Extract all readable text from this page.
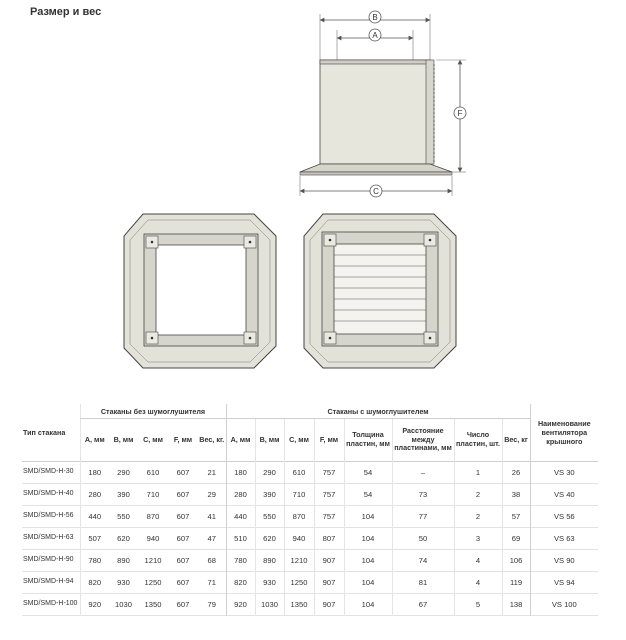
Размер и вес	B
A
F
C
Тип стакана	Стаканы без шумоглушителя					Стаканы с шумоглушителем								Наименование вентилятора крышного
	A, мм	B, мм	C, мм	F, мм	Вес, кг.	A, мм	B, мм	C, мм	F, мм	Толщина пластин, мм	Расстояние между пластинами, мм	Число пластин, шт.	Вес, кг	
SMD/SMD-H-30	180	290	610	607	21	180	290	610	757	54	–	1	26	VS 30
SMD/SMD-H-40	280	390	710	607	29	280	390	710	757	54	73	2	38	VS 40
SMD/SMD-H-56	440	550	870	607	41	440	550	870	757	104	77	2	57	VS 56
SMD/SMD-H-63	507	620	940	607	47	510	620	940	807	104	50	3	69	VS 63
SMD/SMD-H-90	780	890	1210	607	68	780	890	1210	907	104	74	4	106	VS 90
SMD/SMD-H-94	820	930	1250	607	71	820	930	1250	907	104	81	4	119	VS 94
SMD/SMD-H-100	920	1030	1350	607	79	920	1030	1350	907	104	67	5	138	VS 100
